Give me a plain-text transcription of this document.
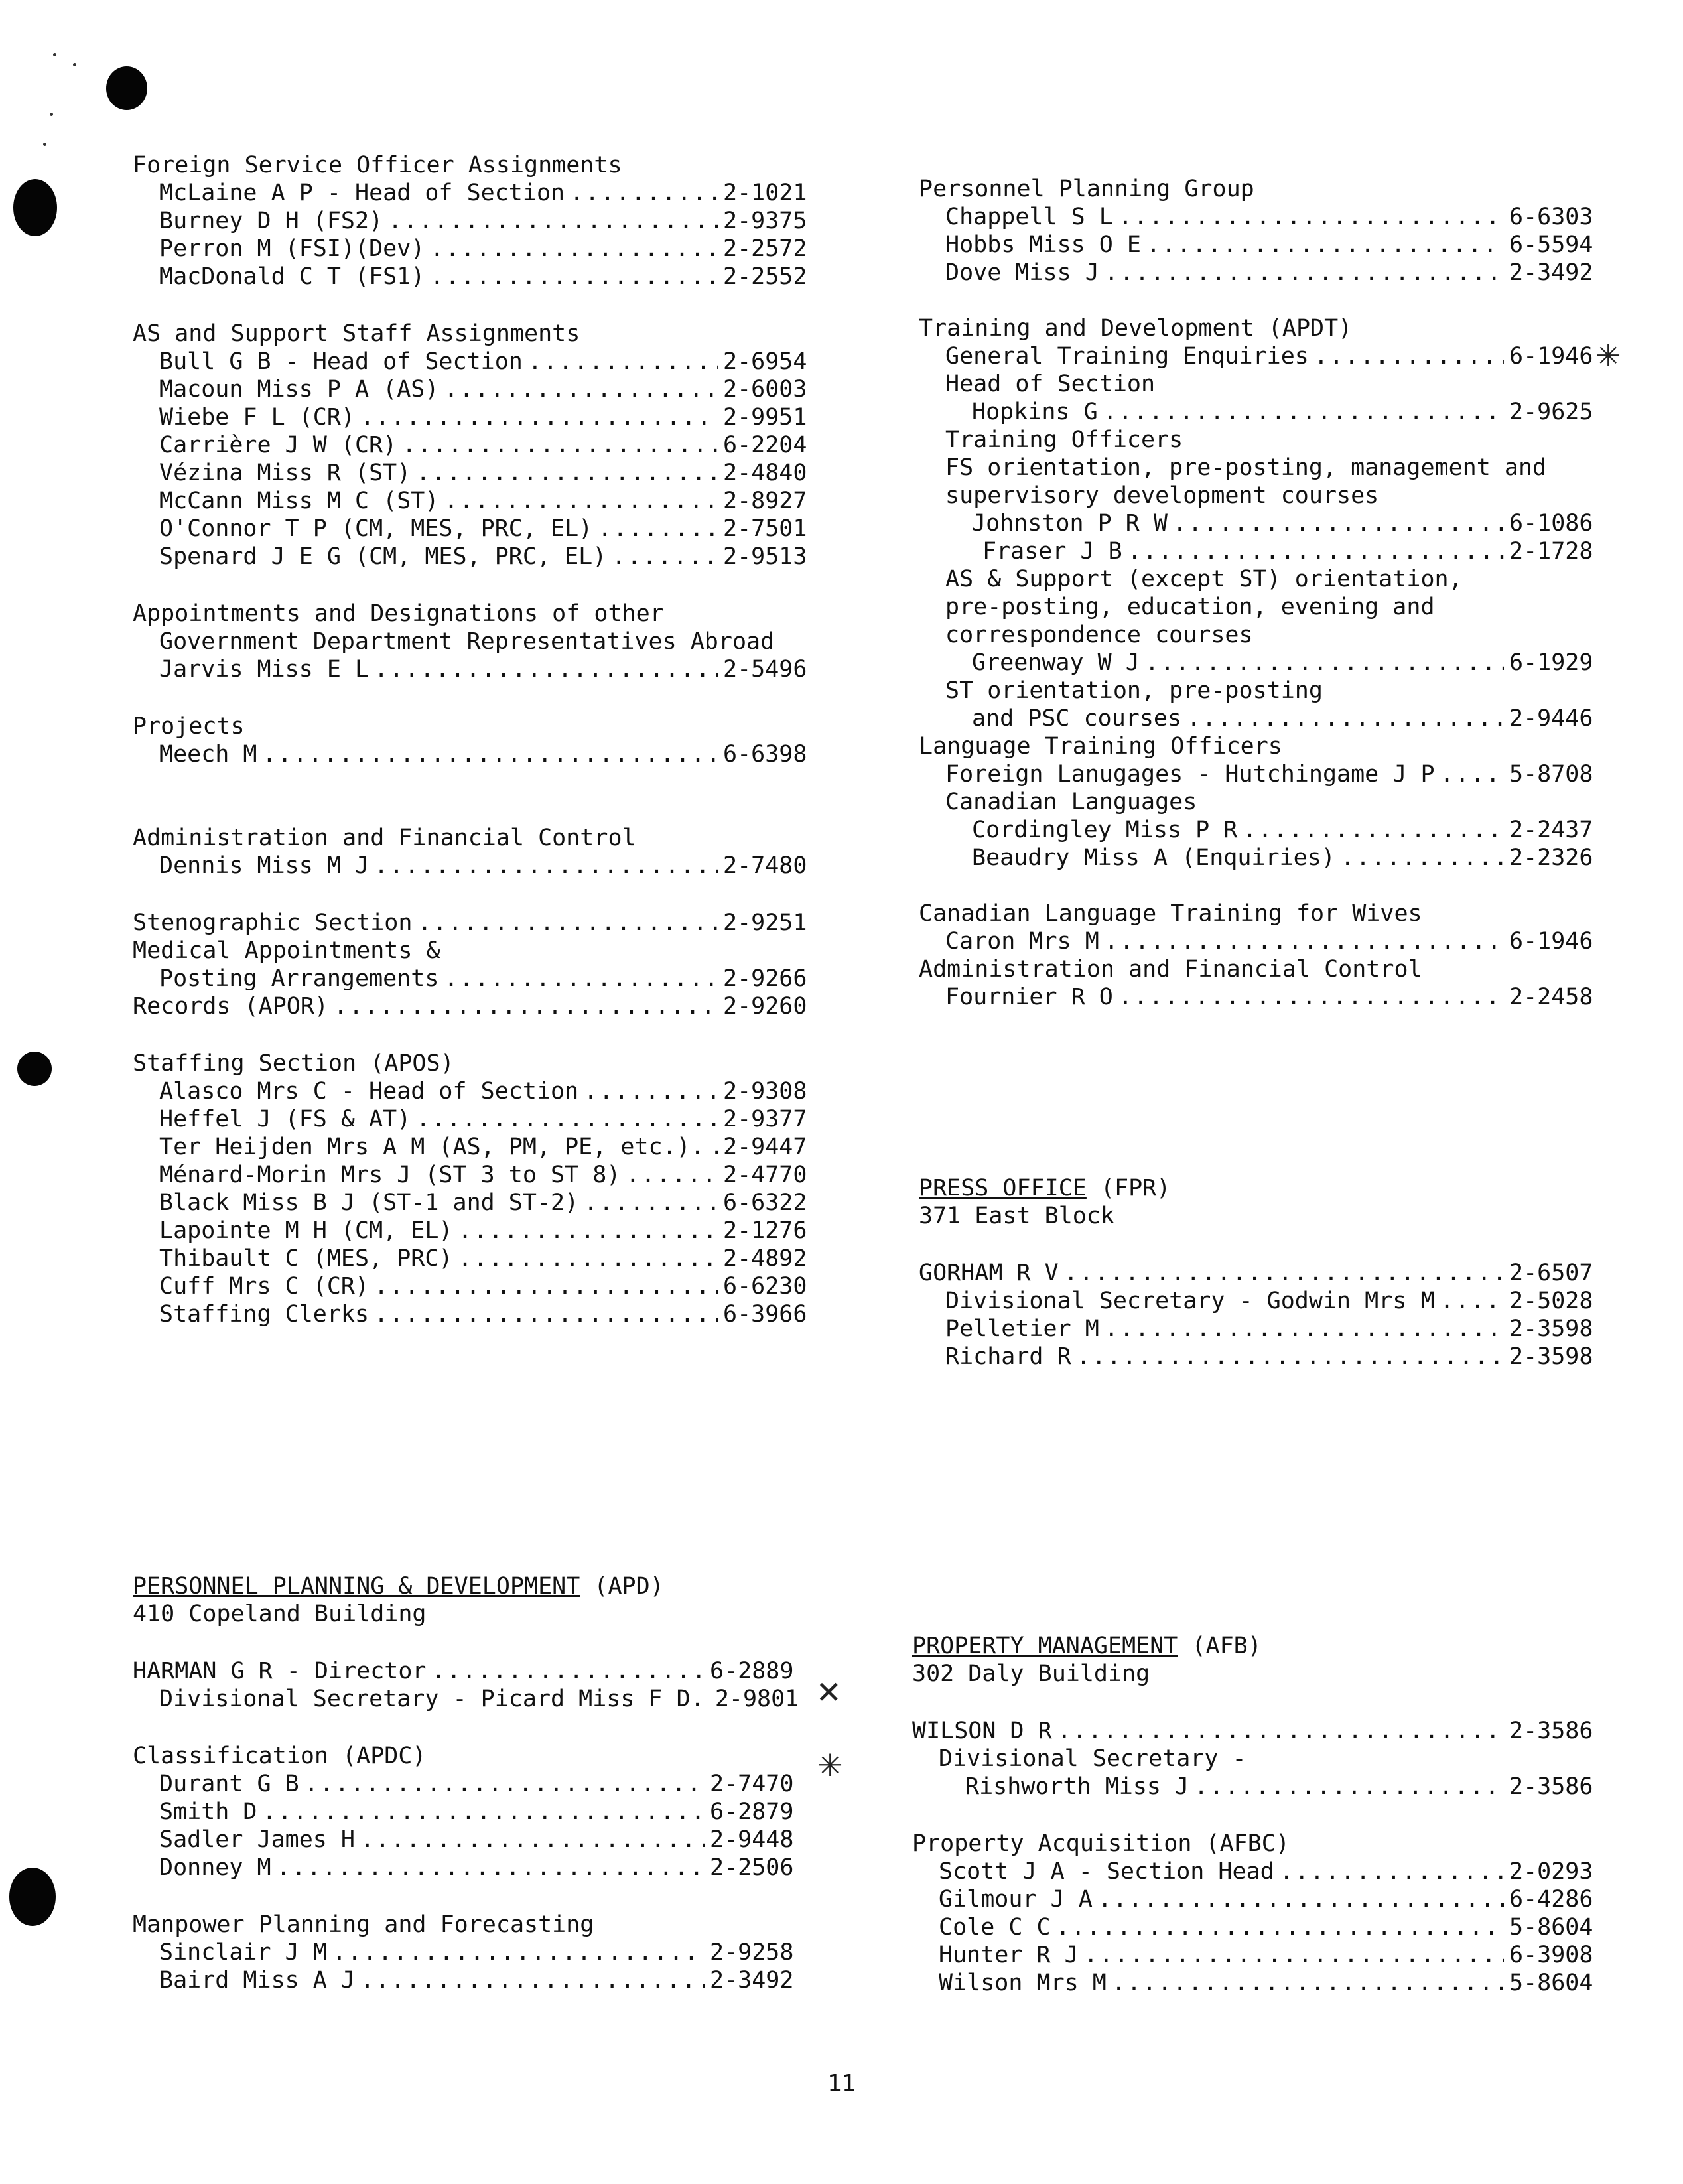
✳
✕
✳
Foreign Service Officer Assignments
McLaine A P - Head of Section .....	2-1021
Burney D H (FS2) .....	2-9375
Perron M (FSI)(Dev) .....	2-2572
MacDonald C T (FS1) .....	2-2552
AS and Support Staff Assignments
Bull G B - Head of Section .....	2-6954
Macoun Miss P A (AS) .....	2-6003
Wiebe F L (CR) .....	2-9951
Carrière J W (CR) .....	6-2204
Vézina Miss R (ST) .....	2-4840
McCann Miss M C (ST) .....	2-8927
O'Connor T P (CM, MES, PRC, EL) .....	2-7501
Spenard J E G (CM, MES, PRC, EL) .....	2-9513
Appointments and Designations of other
Government Department Representatives Abroad
Jarvis Miss E L .....	2-5496
Projects
Meech M .....	6-6398
Administration and Financial Control
Dennis Miss M J .....	2-7480
Stenographic Section .....	2-9251
Medical Appointments &
Posting Arrangements .....	2-9266
Records (APOR) .....	2-9260
Staffing Section (APOS)
Alasco Mrs C - Head of Section .....	2-9308
Heffel J (FS & AT) .....	2-9377
Ter Heijden Mrs A M (AS, PM, PE, etc.). ..... 2-9447
Ménard-Morin Mrs J (ST 3 to ST 8) .....	2-4770
Black Miss B J (ST-1 and ST-2) .....	6-6322
Lapointe M H (CM, EL) .....	2-1276
Thibault C (MES, PRC) .....	2-4892
Cuff Mrs C (CR) .....	6-6230
Staffing Clerks .....	6-3966
PERSONNEL PLANNING & DEVELOPMENT (APD)
410 Copeland Building
HARMAN G R - Director .....	6-2889
Divisional Secretary - Picard Miss F D. 2-9801
Classification (APDC)
Durant G B .....	2-7470
Smith D .....	6-2879
Sadler James H .....	2-9448
Donney M .....	2-2506
Manpower Planning and Forecasting
Sinclair J M .....	2-9258
Baird Miss A J .....	2-3492
Personnel Planning Group
Chappell S L .....	6-6303
Hobbs Miss O E .....	6-5594
Dove Miss J .....	2-3492
Training and Development (APDT)
General Training Enquiries .....	6-1946
Head of Section
Hopkins G .....	2-9625
Training Officers
FS orientation, pre-posting, management and
supervisory development courses
Johnston P R W .....	6-1086
Fraser J B .....	2-1728
AS & Support (except ST) orientation,
pre-posting, education, evening and
correspondence courses
Greenway W J .....	6-1929
ST orientation, pre-posting
and PSC courses .....	2-9446
Language Training Officers
Foreign Lanugages - Hutchingame J P .....	5-8708
Canadian Languages
Cordingley Miss P R .....	2-2437
Beaudry Miss A (Enquiries) .....	2-2326
Canadian Language Training for Wives
Caron Mrs M .....	6-1946
Administration and Financial Control
Fournier R O .....	2-2458
PRESS OFFICE (FPR)
371 East Block
GORHAM R V .....	2-6507
Divisional Secretary - Godwin Mrs M .....	2-5028
Pelletier M .....	2-3598
Richard R .....	2-3598
PROPERTY MANAGEMENT (AFB)
302 Daly Building
WILSON D R .....	2-3586
Divisional Secretary -
Rishworth Miss J .....	2-3586
Property Acquisition (AFBC)
Scott J A - Section Head .....	2-0293
Gilmour J A .....	6-4286
Cole C C .....	5-8604
Hunter R J .....	6-3908
Wilson Mrs M .....	5-8604
11
